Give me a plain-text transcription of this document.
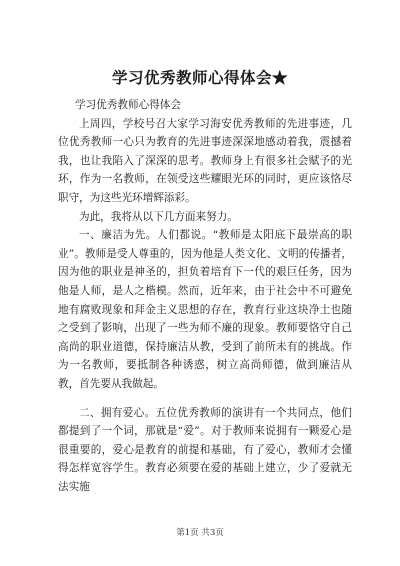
学习优秀教师心得体会★
学习优秀教师心得体会

上周四，学校号召大家学习海安优秀教师的先进事迹，几位优秀教师一心只为教育的先进事迹深深地感动着我，震撼着我，也让我陷入了深深的思考。教师身上有很多社会赋予的光环，作为一名教师，在领受这些耀眼光环的同时，更应该恪尽职守，为这些光环增辉添彩。

为此，我将从以下几方面来努力。

一、廉洁为先。人们都说。“教师是太阳底下最崇高的职业”。教师是受人尊重的，因为他是人类文化、文明的传播者，因为他的职业是神圣的，担负着培育下一代的艰巨任务，因为他是人师，是人之楷模。然而，近年来，由于社会中不可避免地有腐败现象和拜金主义思想的存在，教育行业这块净土也随之受到了影响，出现了一些为师不廉的现象。教师要恪守自己高尚的职业道德，保持廉洁从教，受到了前所未有的挑战。作为一名教师，要抵制各种诱惑，树立高尚师德，做到廉洁从教，首先要从我做起。

二、拥有爱心。五位优秀教师的演讲有一个共同点，他们都提到了一个词，那就是“爱”。对于教师来说拥有一颗爱心是很重要的，爱心是教育的前提和基础，有了爱心，教师才会懂得怎样宽容学生。教育必须要在爱的基础上建立，少了爱就无法实施

第1页 共3页
